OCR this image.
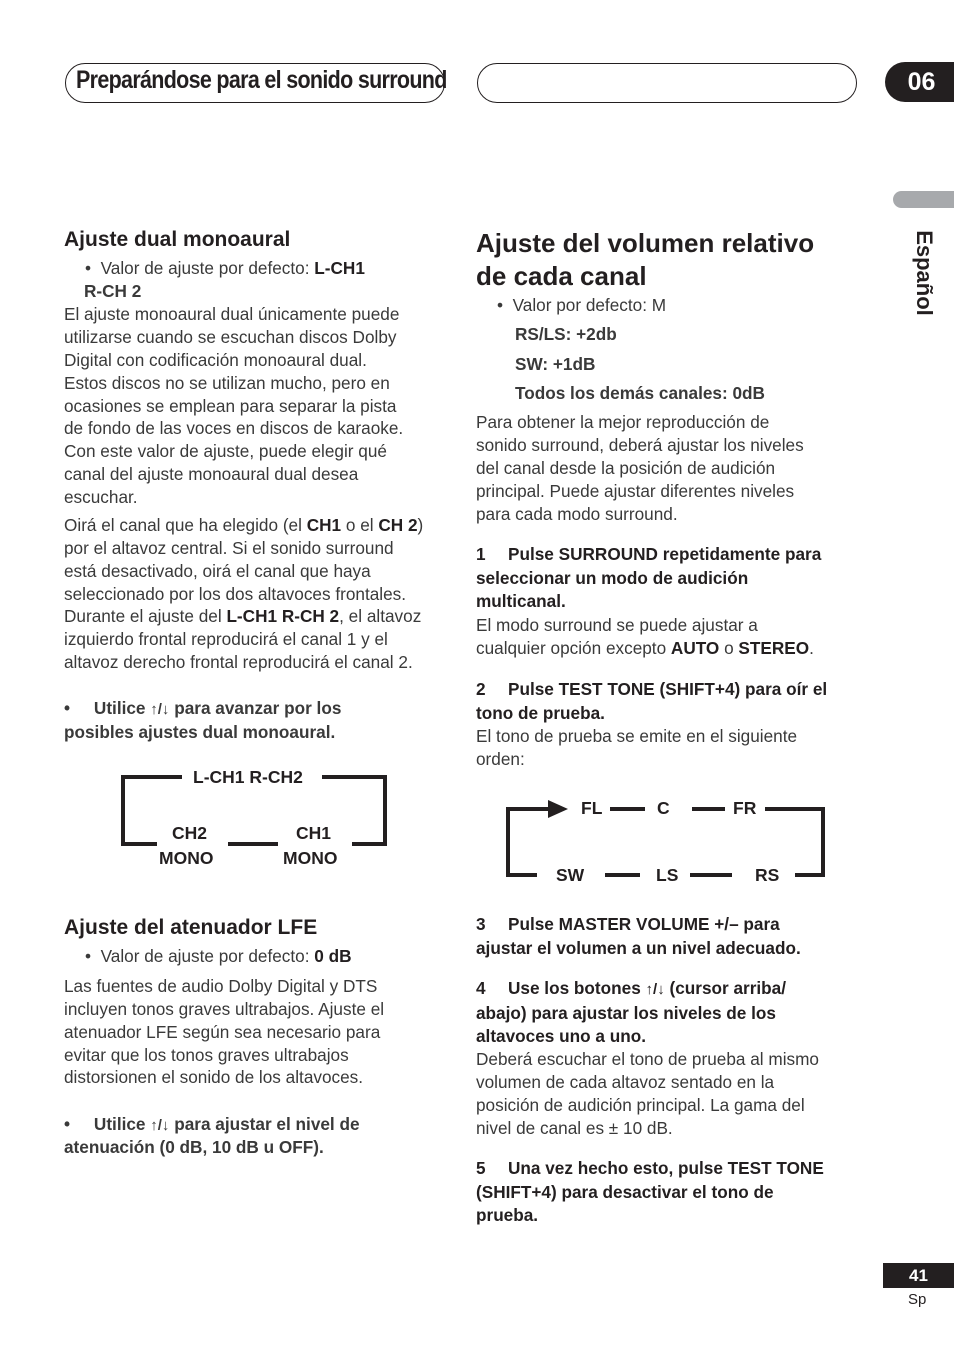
Preparándose para el sonido surround	06
Español
Ajuste dual monoaural
•  Valor de ajuste por defecto: L-CH1
R-CH 2
El ajuste monoaural dual únicamente puede
utilizarse cuando se escuchan discos Dolby
Digital con codificación monoaural dual.
Estos discos no se utilizan mucho, pero en
ocasiones se emplean para separar la pista
de fondo de las voces en discos de karaoke.
Con este valor de ajuste, puede elegir qué
canal del ajuste monoaural dual desea
escuchar.
Oirá el canal que ha elegido (el CH1 o el CH 2)
por el altavoz central. Si el sonido surround
está desactivado, oirá el canal que haya
seleccionado por los dos altavoces frontales.
Durante el ajuste del L-CH1 R-CH 2, el altavoz
izquierdo frontal reproducirá el canal 1 y el
altavoz derecho frontal reproducirá el canal 2.
•     Utilice ↑/↓ para avanzar por los
posibles ajustes dual monoaural.
L-CH1 R-CH2
CH2
MONO
CH1
MONO
Ajuste del atenuador LFE
•  Valor de ajuste por defecto: 0 dB
Las fuentes de audio Dolby Digital y DTS
incluyen tonos graves ultrabajos. Ajuste el
atenuador LFE según sea necesario para
evitar que los tonos graves ultrabajos
distorsionen el sonido de los altavoces.
•     Utilice ↑/↓ para ajustar el nivel de
atenuación (0 dB, 10 dB u OFF).
Ajuste del volumen relativo
de cada canal
•  Valor por defecto: M
RS/LS: +2db
SW: +1dB
Todos los demás canales: 0dB
Para obtener la mejor reproducción de
sonido surround, deberá ajustar los niveles
del canal desde la posición de audición
principal. Puede ajustar diferentes niveles
para cada modo surround.
1 Pulse SURROUND repetidamente para
seleccionar un modo de audición
multicanal.
El modo surround se puede ajustar a
cualquier opción excepto AUTO o STEREO.
2 Pulse TEST TONE (SHIFT+4) para oír el
tono de prueba.
El tono de prueba se emite en el siguiente
orden:
FL	C	FR
SW	LS	RS
3 Pulse MASTER VOLUME +/– para
ajustar el volumen a un nivel adecuado.
4 Use los botones ↑/↓ (cursor arriba/
abajo) para ajustar los niveles de los
altavoces uno a uno.
Deberá escuchar el tono de prueba al mismo
volumen de cada altavoz sentado en la
posición de audición principal. La gama del
nivel de canal es ± 10 dB.
5 Una vez hecho esto, pulse TEST TONE
(SHIFT+4) para desactivar el tono de
prueba.
41
Sp
